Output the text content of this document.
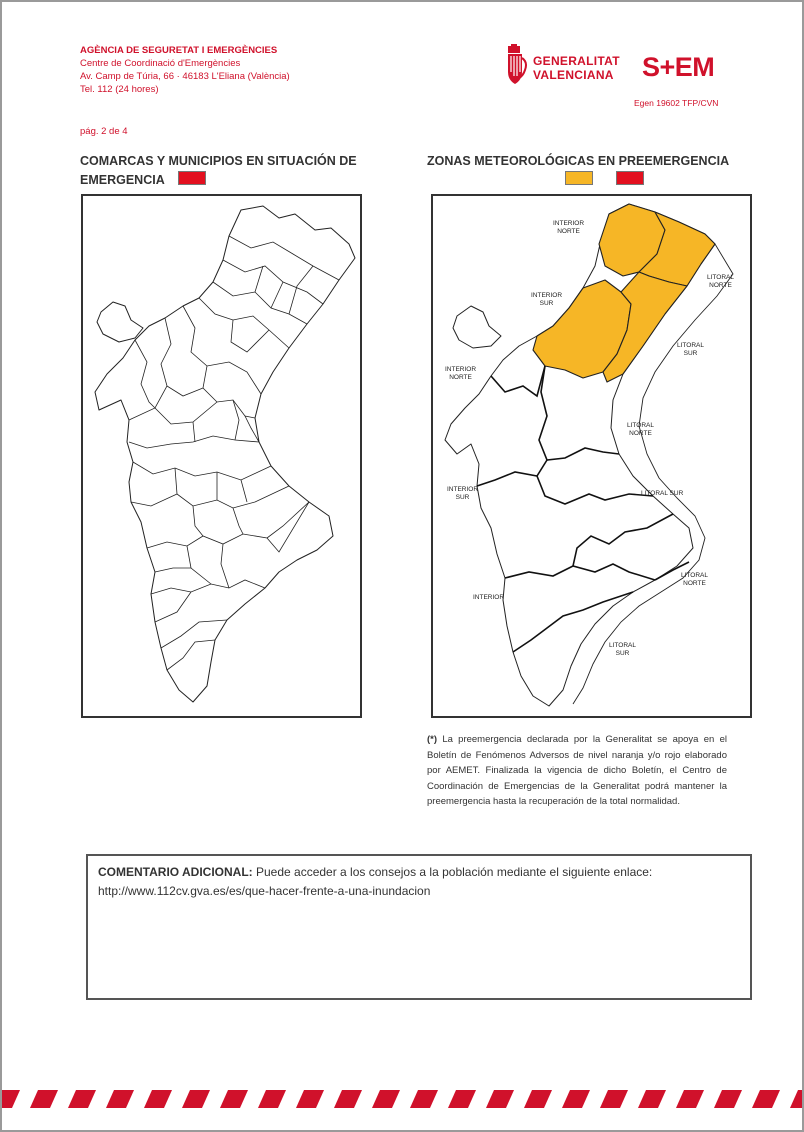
AGÈNCIA DE SEGURETAT I EMERGÈNCIES
Centre de Coordinació d'Emergències
Av. Camp de Túria, 66 · 46183 L'Eliana (València)
Tel. 112 (24 hores)
GENERALITAT
VALENCIANA S+EM
Egen 19602 TFP/CVN
pág. 2 de 4
COMARCAS Y MUNICIPIOS EN SITUACIÓN DE
EMERGENCIA
ZONAS METEOROLÓGICAS EN PREEMERGENCIA

INTERIOR
NORTE
INTERIOR
SUR
LITORAL
NORTE
LITORAL
SUR
INTERIOR
NORTE
LITORAL
NORTE
INTERIOR
SUR
LITORAL SUR
INTERIOR
LITORAL
NORTE
LITORAL
SUR
(*) La preemergencia declarada por la Generalitat se apoya en el Boletín de Fenómenos Adversos de nivel naranja y/o rojo elaborado por AEMET. Finalizada la vigencia de dicho Boletín, el Centro de Coordinación de Emergencias de la Generalitat podrá mantener la preemergencia hasta la recuperación de la total normalidad.
COMENTARIO ADICIONAL: Puede acceder a los consejos a la población mediante el siguiente enlace:
http://www.112cv.gva.es/es/que-hacer-frente-a-una-inundacion
